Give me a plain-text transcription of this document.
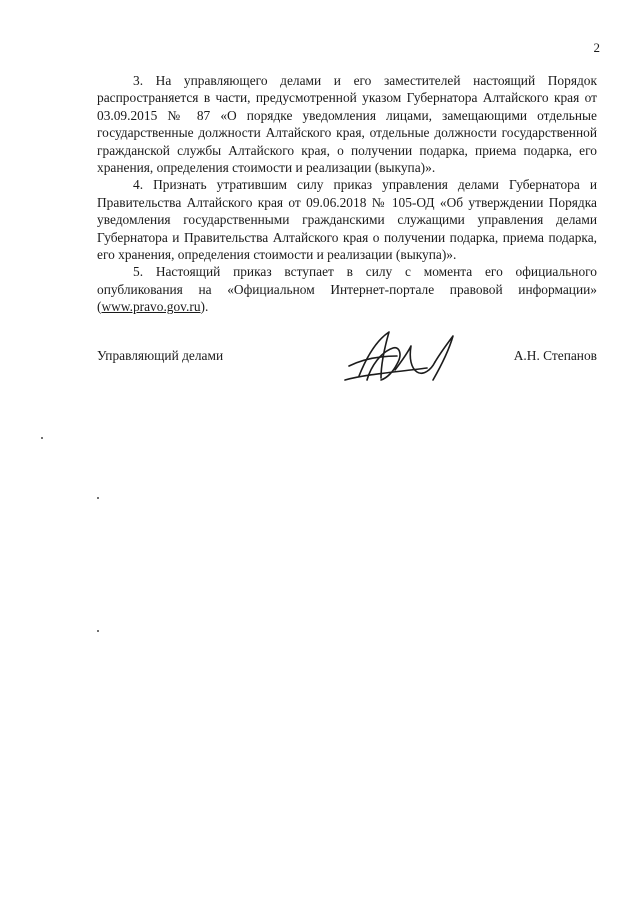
2

3. На управляющего делами и его заместителей настоящий Порядок распространяется в части, предусмотренной указом Губернатора Алтайского края от 03.09.2015 № 87 «О порядке уведомления лицами, замещающими отдельные государственные должности Алтайского края, отдельные должности государственной гражданской службы Алтайского края, о получении подарка, приема подарка, его хранения, определения стоимости и реализации (выкупа)».

4. Признать утратившим силу приказ управления делами Губернатора и Правительства Алтайского края от 09.06.2018 № 105-ОД «Об утверждении Порядка уведомления государственными гражданскими служащими управления делами Губернатора и Правительства Алтайского края о получении подарка, приема подарка, его хранения, определения стоимости и реализации (выкупа)».

5. Настоящий приказ вступает в силу с момента его официального опубликования на «Официальном Интернет-портале правовой информации» (www.pravo.gov.ru).

Управляющий делами	А.Н. Степанов
